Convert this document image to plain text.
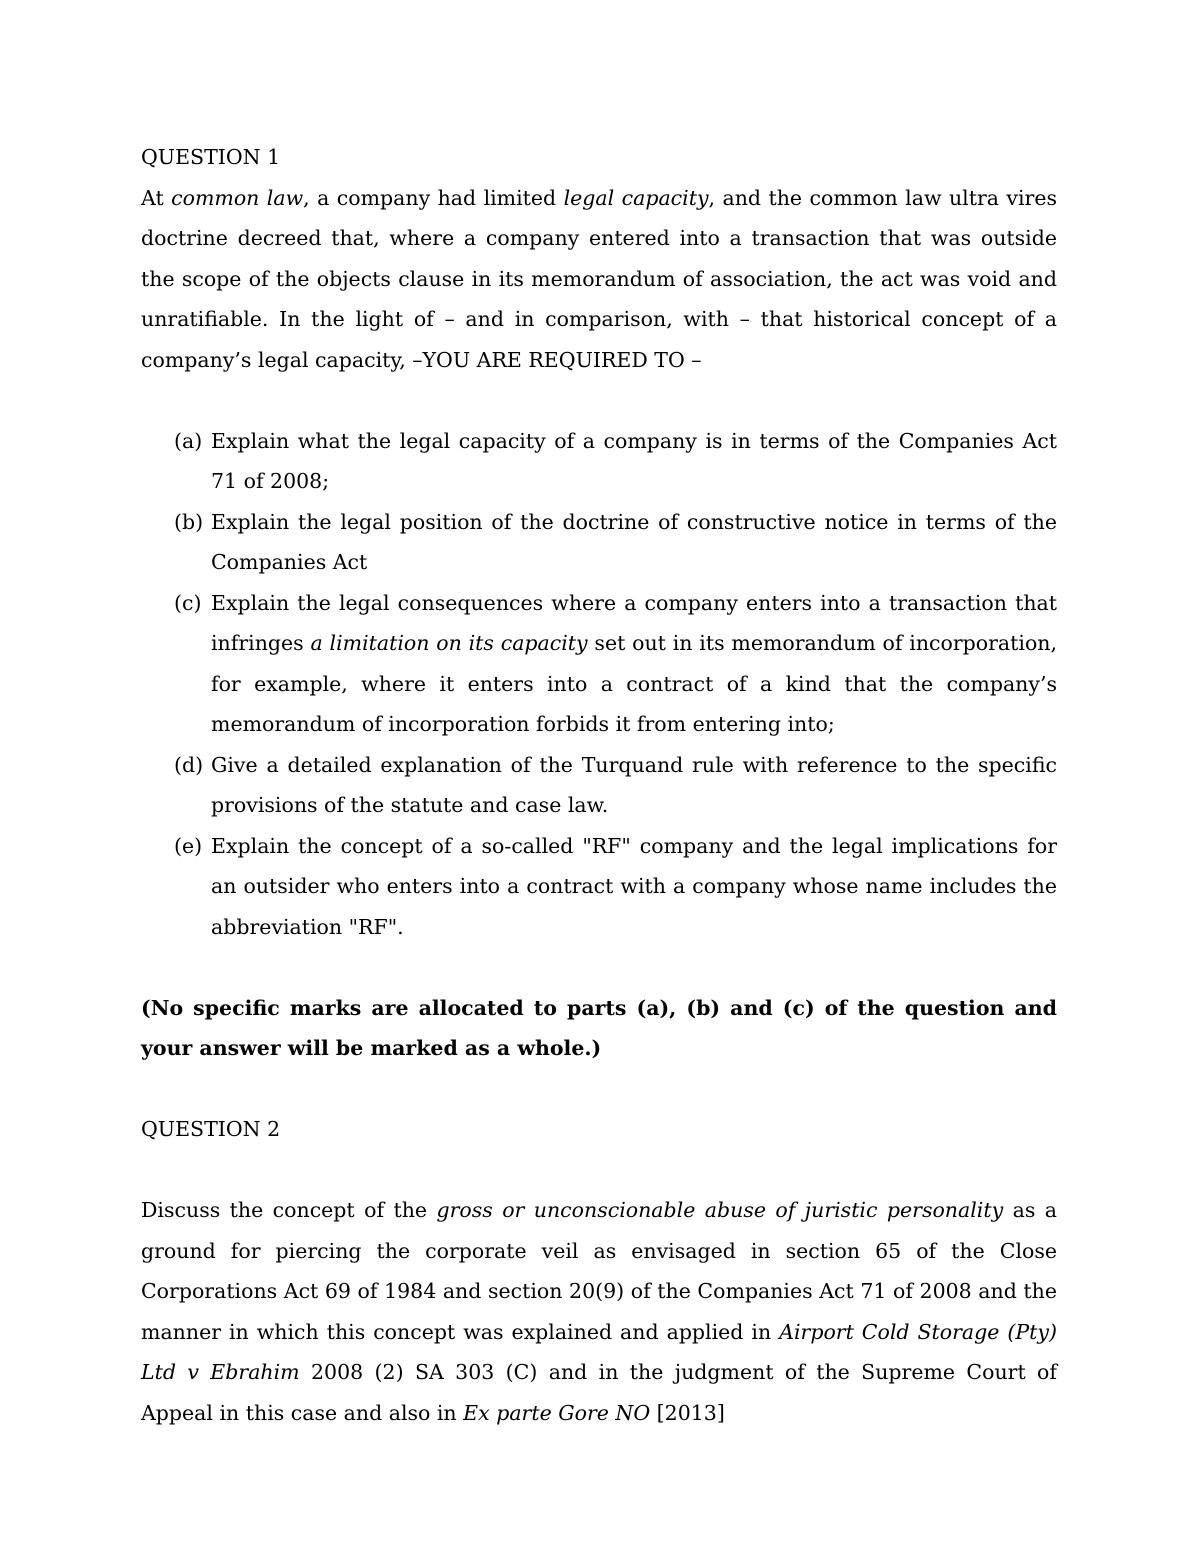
QUESTION 1

At common law, a company had limited legal capacity, and the common law ultra vires doctrine decreed that, where a company entered into a transaction that was outside the scope of the objects clause in its memorandum of association, the act was void and unratifiable. In the light of – and in comparison, with – that historical concept of a company’s legal capacity, –YOU ARE REQUIRED TO –

(a) Explain what the legal capacity of a company is in terms of the Companies Act 71 of 2008;
(b) Explain the legal position of the doctrine of constructive notice in terms of the Companies Act
(c) Explain the legal consequences where a company enters into a transaction that infringes a limitation on its capacity set out in its memorandum of incorporation, for example, where it enters into a contract of a kind that the company’s memorandum of incorporation forbids it from entering into;
(d) Give a detailed explanation of the Turquand rule with reference to the specific provisions of the statute and case law.
(e) Explain the concept of a so-called "RF" company and the legal implications for an outsider who enters into a contract with a company whose name includes the abbreviation "RF".

(No specific marks are allocated to parts (a), (b) and (c) of the question and your answer will be marked as a whole.)

QUESTION 2

Discuss the concept of the gross or unconscionable abuse of juristic personality as a ground for piercing the corporate veil as envisaged in section 65 of the Close Corporations Act 69 of 1984 and section 20(9) of the Companies Act 71 of 2008 and the manner in which this concept was explained and applied in Airport Cold Storage (Pty) Ltd v Ebrahim 2008 (2) SA 303 (C) and in the judgment of the Supreme Court of Appeal in this case and also in Ex parte Gore NO [2013]
